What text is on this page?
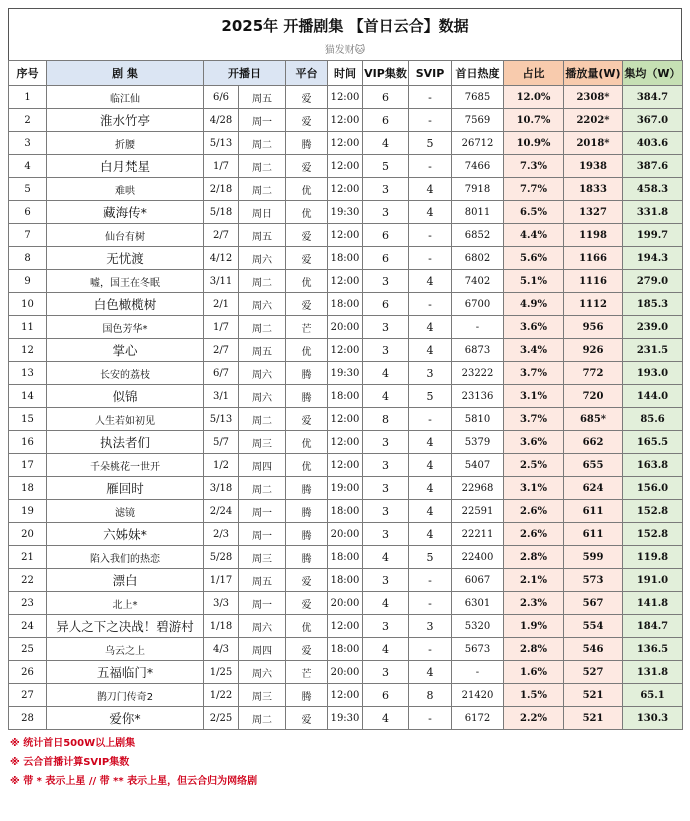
2025年 开播剧集 【首日云合】数据
猫发财🐱
序号	剧 集	开播日		平台	时间	VIP集数	SVIP	首日热度	占比	播放量(W)	集均（W）
1	临江仙	6/6	周五	爱	12:00	6	-	7685	12.0%	2308*	384.7
2	淮水竹亭	4/28	周一	爱	12:00	6	-	7569	10.7%	2202*	367.0
3	折腰	5/13	周二	腾	12:00	4	5	26712	10.9%	2018*	403.6
4	白月梵星	1/7	周二	爱	12:00	5	-	7466	7.3%	1938	387.6
5	难哄	2/18	周二	优	12:00	3	4	7918	7.7%	1833	458.3
6	藏海传*	5/18	周日	优	19:30	3	4	8011	6.5%	1327	331.8
7	仙台有树	2/7	周五	爱	12:00	6	-	6852	4.4%	1198	199.7
8	无忧渡	4/12	周六	爱	18:00	6	-	6802	5.6%	1166	194.3
9	嘘，国王在冬眠	3/11	周二	优	12:00	3	4	7402	5.1%	1116	279.0
10	白色橄榄树	2/1	周六	爱	18:00	6	-	6700	4.9%	1112	185.3
11	国色芳华*	1/7	周二	芒	20:00	3	4	-	3.6%	956	239.0
12	掌心	2/7	周五	优	12:00	3	4	6873	3.4%	926	231.5
13	长安的荔枝	6/7	周六	腾	19:30	4	3	23222	3.7%	772	193.0
14	似锦	3/1	周六	腾	18:00	4	5	23136	3.1%	720	144.0
15	人生若如初见	5/13	周二	爱	12:00	8	-	5810	3.7%	685*	85.6
16	执法者们	5/7	周三	优	12:00	3	4	5379	3.6%	662	165.5
17	千朵桃花一世开	1/2	周四	优	12:00	3	4	5407	2.5%	655	163.8
18	雁回时	3/18	周二	腾	19:00	3	4	22968	3.1%	624	156.0
19	滤镜	2/24	周一	腾	18:00	3	4	22591	2.6%	611	152.8
20	六姊妹*	2/3	周一	腾	20:00	3	4	22211	2.6%	611	152.8
21	陷入我们的热恋	5/28	周三	腾	18:00	4	5	22400	2.8%	599	119.8
22	漂白	1/17	周五	爱	18:00	3	-	6067	2.1%	573	191.0
23	北上*	3/3	周一	爱	20:00	4	-	6301	2.3%	567	141.8
24	异人之下之决战！碧游村	1/18	周六	优	12:00	3	3	5320	1.9%	554	184.7
25	乌云之上	4/3	周四	爱	18:00	4	-	5673	2.8%	546	136.5
26	五福临门*	1/25	周六	芒	20:00	3	4	-	1.6%	527	131.8
27	鹊刀门传奇2	1/22	周三	腾	12:00	6	8	21420	1.5%	521	65.1
28	爱你*	2/25	周二	爱	19:30	4	-	6172	2.2%	521	130.3
※ 统计首日500W以上剧集
※ 云合首播计算SVIP集数
※ 带 * 表示上星 // 带 ** 表示上星，但云合归为网络剧
